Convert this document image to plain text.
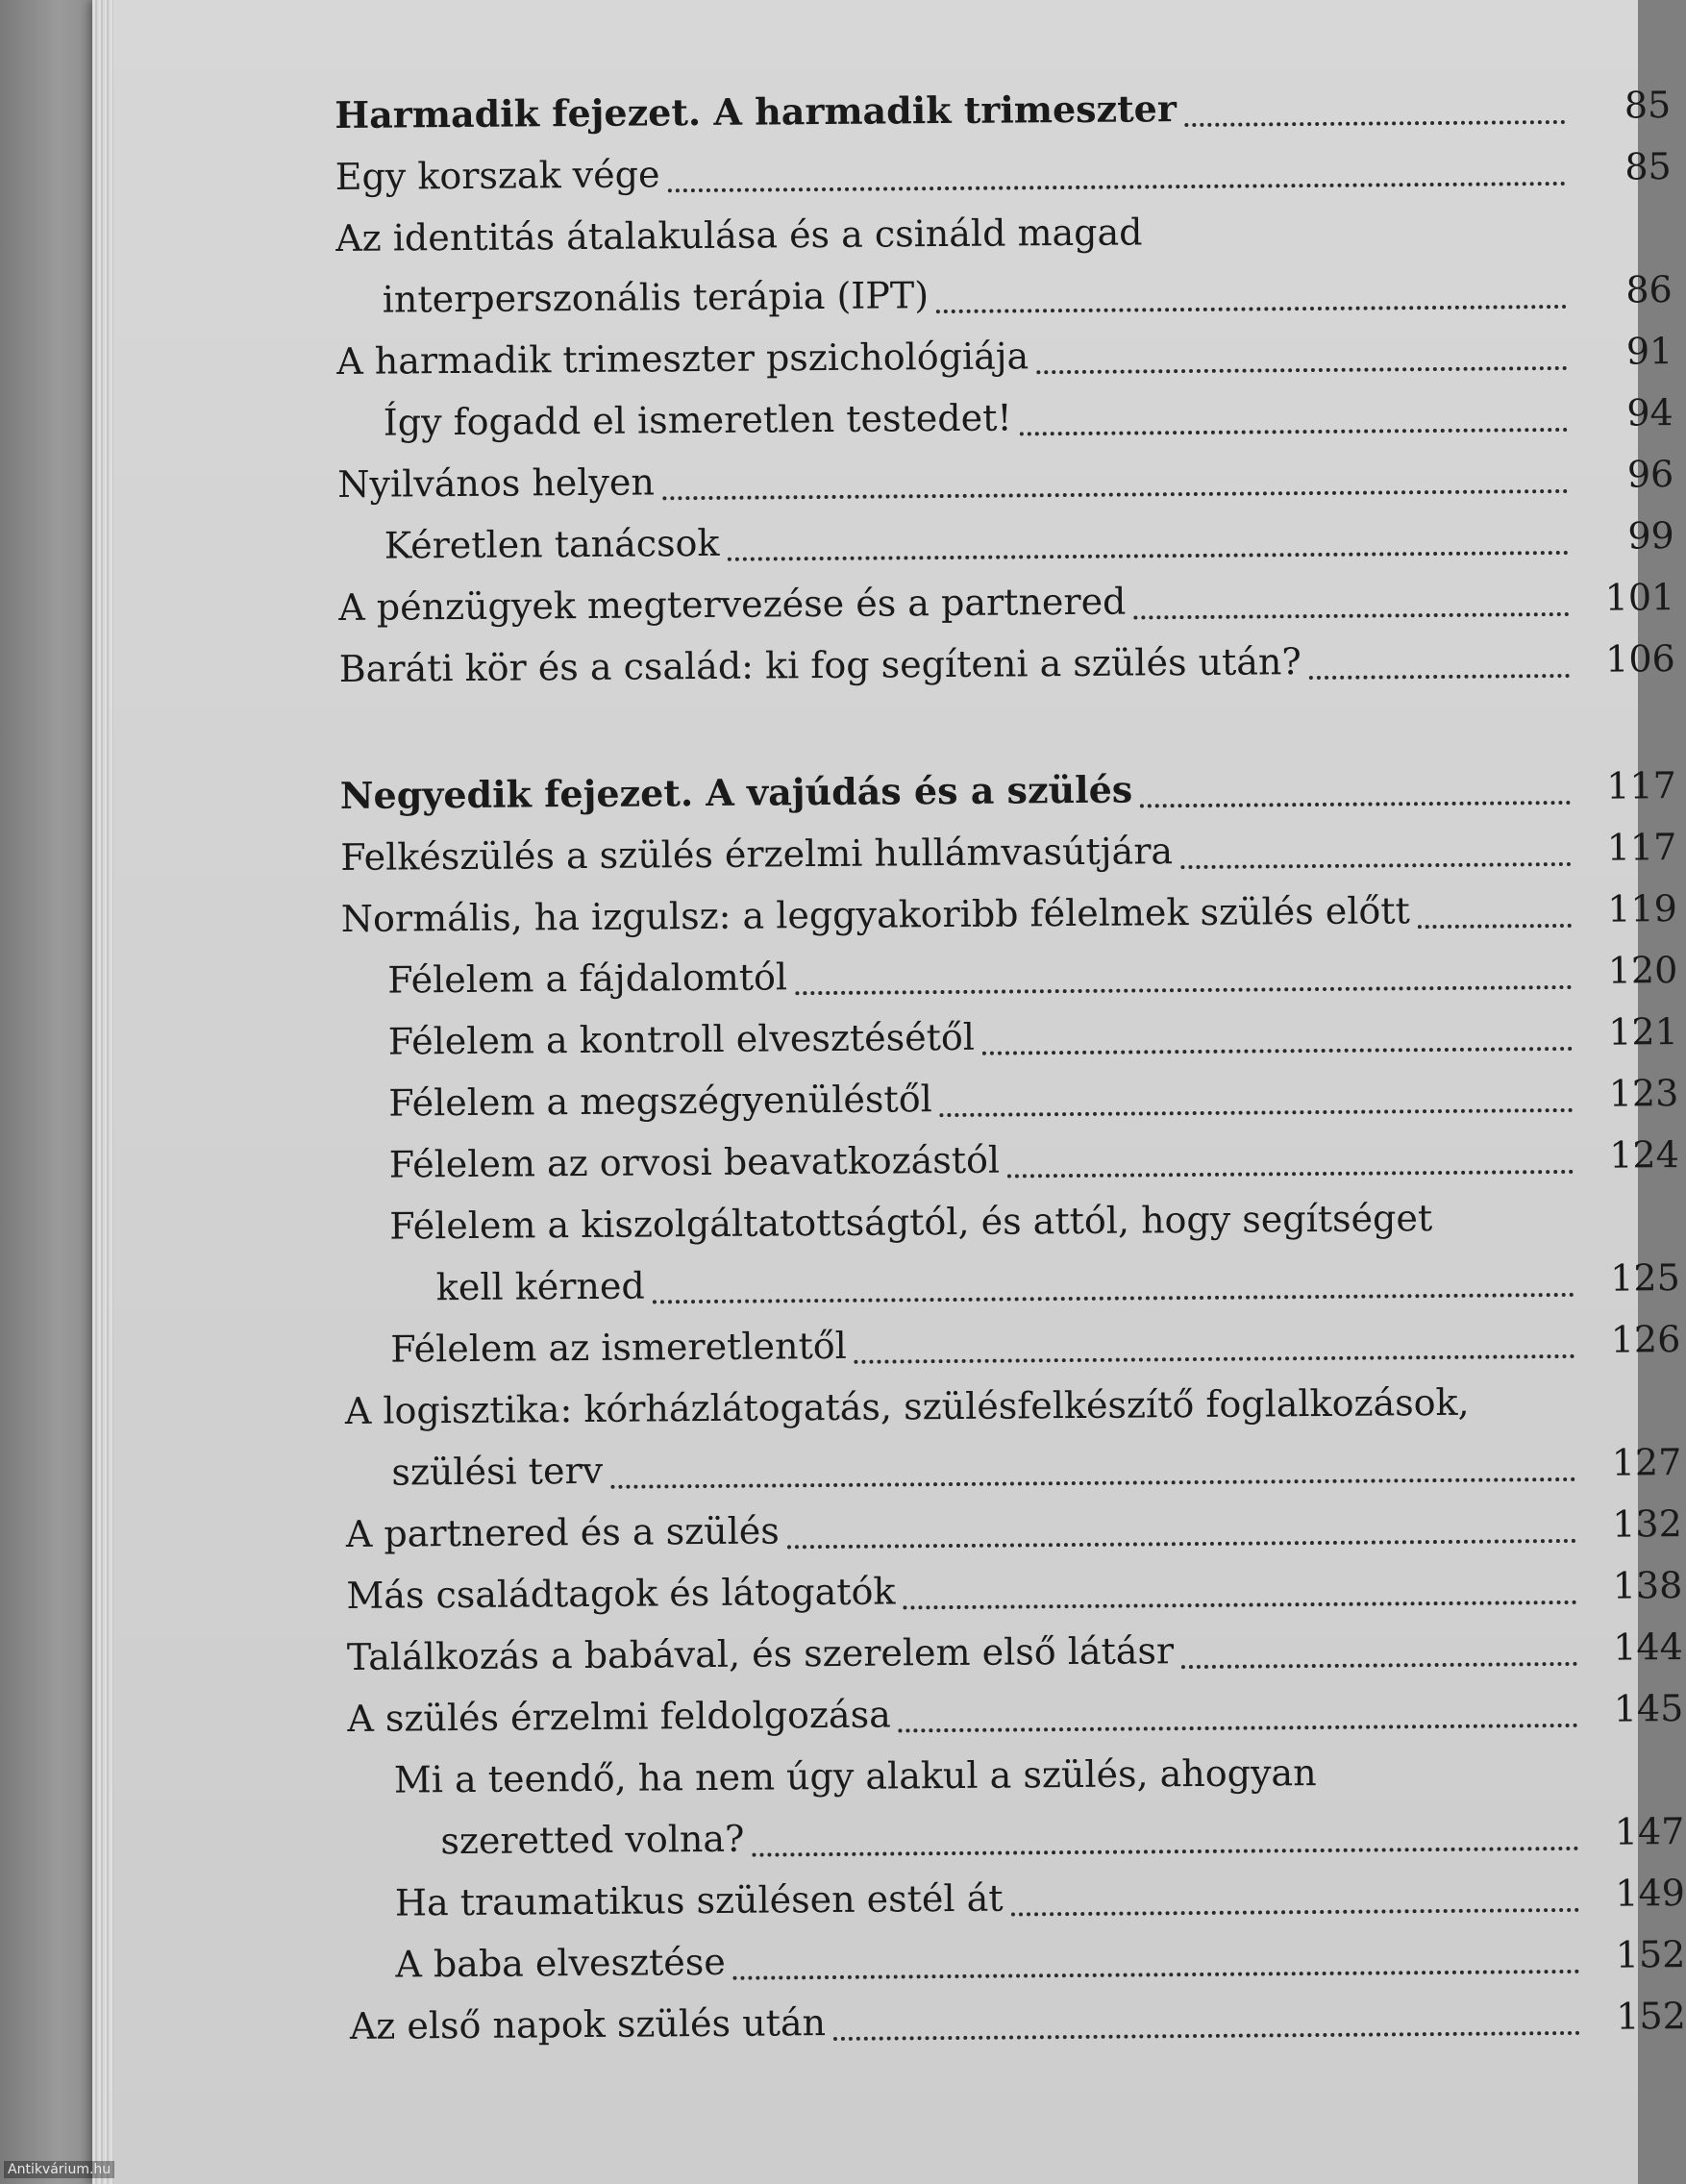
Harmadik fejezet. A harmadik trimeszter	85
Egy korszak vége	85
Az identitás átalakulása és a csináld magad
interperszonális terápia (IPT)	86
A harmadik trimeszter pszichológiája	91
Így fogadd el ismeretlen testedet!	94
Nyilvános helyen	96
Kéretlen tanácsok	99
A pénzügyek megtervezése és a partnered	101
Baráti kör és a család: ki fog segíteni a szülés után?	106
Negyedik fejezet. A vajúdás és a szülés	117
Felkészülés a szülés érzelmi hullámvasútjára	117
Normális, ha izgulsz: a leggyakoribb félelmek szülés előtt	119
Félelem a fájdalomtól	120
Félelem a kontroll elvesztésétől	121
Félelem a megszégyenüléstől	123
Félelem az orvosi beavatkozástól	124
Félelem a kiszolgáltatottságtól, és attól, hogy segítséget
kell kérned	125
Félelem az ismeretlentől	126
A logisztika: kórházlátogatás, szülésfelkészítő foglalkozások,
szülési terv	127
A partnered és a szülés	132
Más családtagok és látogatók	138
Találkozás a babával, és szerelem első látásr	144
A szülés érzelmi feldolgozása	145
Mi a teendő, ha nem úgy alakul a szülés, ahogyan
szeretted volna?	147
Ha traumatikus szülésen estél át	149
A baba elvesztése	152
Az első napok szülés után	152
Antikvárium.hu
